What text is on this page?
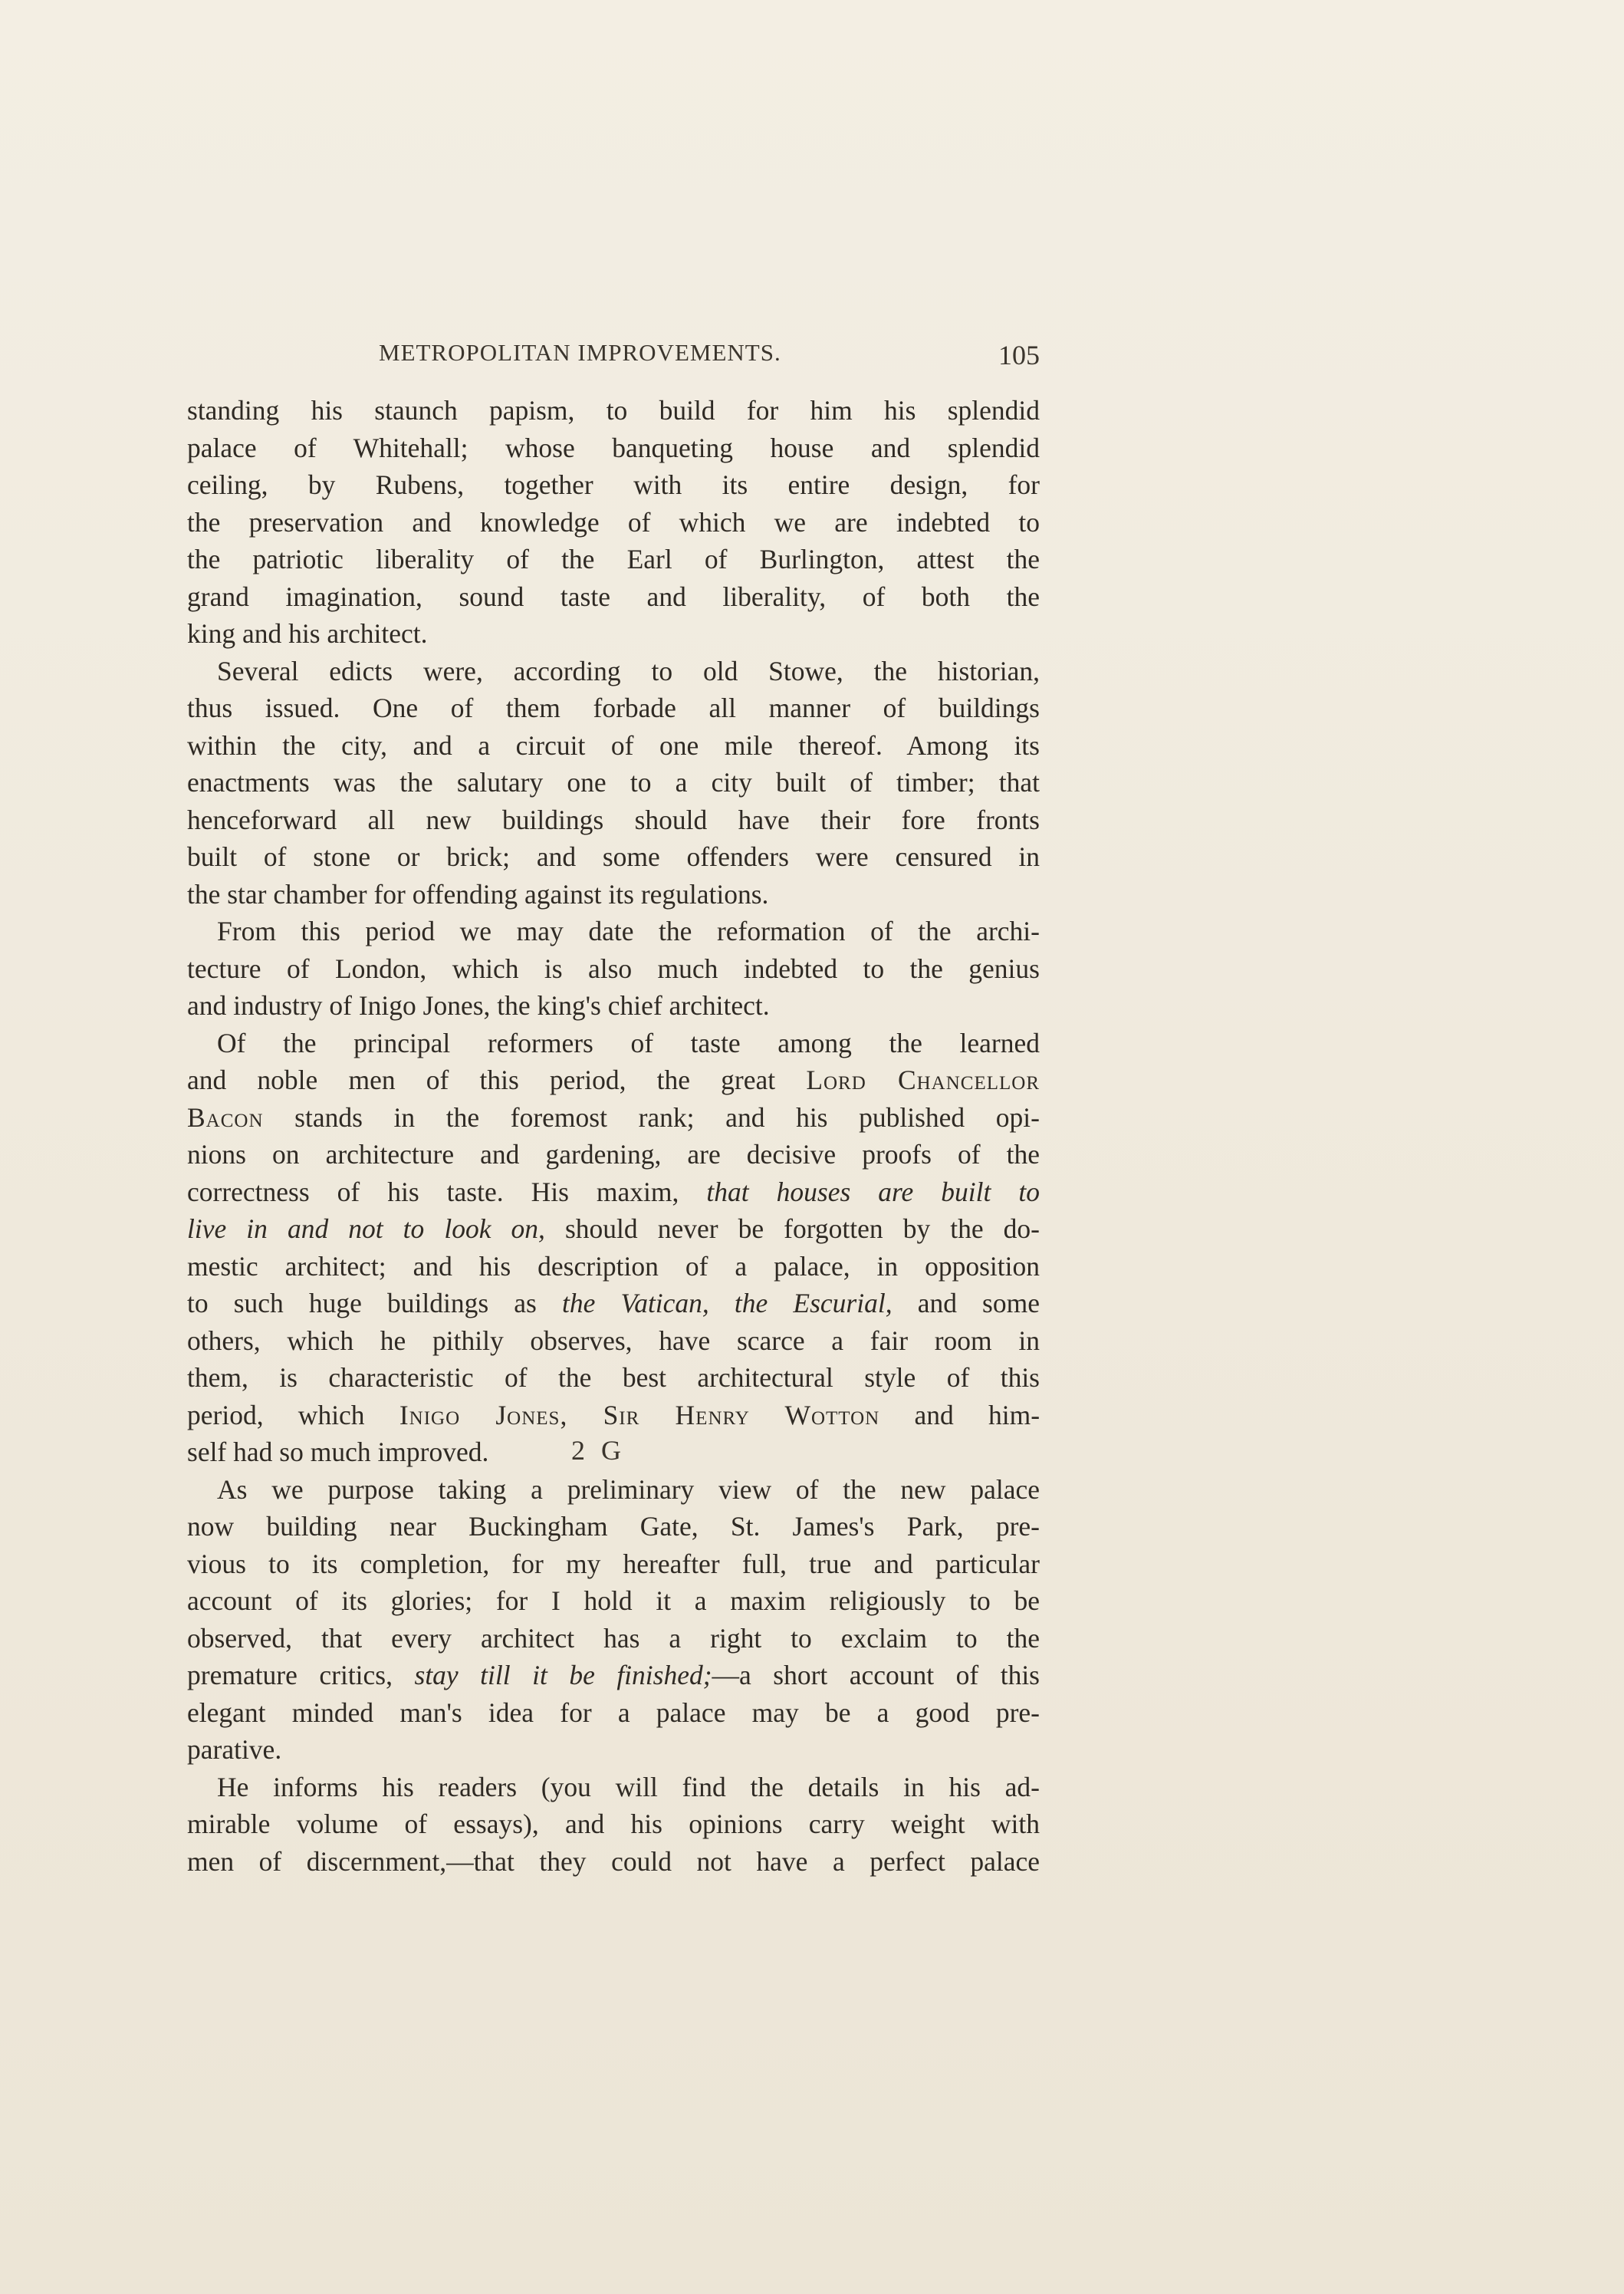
METROPOLITAN IMPROVEMENTS.	105
standing his staunch papism, to build for him his splendid
palace of Whitehall; whose banqueting house and splendid
ceiling, by Rubens, together with its entire design, for
the preservation and knowledge of which we are indebted to
the patriotic liberality of the Earl of Burlington, attest the
grand imagination, sound taste and liberality, of both the
king and his architect.
Several edicts were, according to old Stowe, the historian,
thus issued. One of them forbade all manner of buildings
within the city, and a circuit of one mile thereof. Among its
enactments was the salutary one to a city built of timber; that
henceforward all new buildings should have their fore fronts
built of stone or brick; and some offenders were censured in
the star chamber for offending against its regulations.
From this period we may date the reformation of the archi-
tecture of London, which is also much indebted to the genius
and industry of Inigo Jones, the king's chief architect.
Of the principal reformers of taste among the learned
and noble men of this period, the great Lord Chancellor
Bacon stands in the foremost rank; and his published opi-
nions on architecture and gardening, are decisive proofs of the
correctness of his taste. His maxim, that houses are built to
live in and not to look on, should never be forgotten by the do-
mestic architect; and his description of a palace, in opposition
to such huge buildings as the Vatican, the Escurial, and some
others, which he pithily observes, have scarce a fair room in
them, is characteristic of the best architectural style of this
period, which Inigo Jones, Sir Henry Wotton and him-
self had so much improved.
As we purpose taking a preliminary view of the new palace
now building near Buckingham Gate, St. James's Park, pre-
vious to its completion, for my hereafter full, true and particular
account of its glories; for I hold it a maxim religiously to be
observed, that every architect has a right to exclaim to the
premature critics, stay till it be finished;—a short account of this
elegant minded man's idea for a palace may be a good pre-
parative.
He informs his readers (you will find the details in his ad-
mirable volume of essays), and his opinions carry weight with
men of discernment,—that they could not have a perfect palace
2 G
